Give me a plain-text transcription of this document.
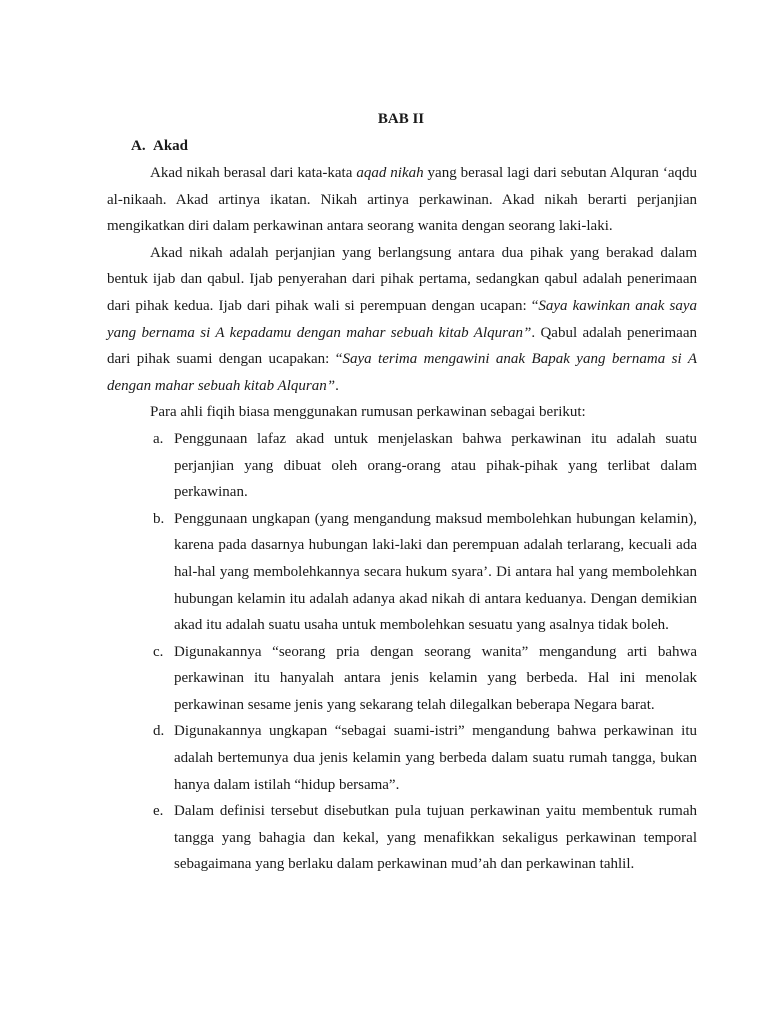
BAB II
A. Akad

Akad nikah berasal dari kata-kata aqad nikah yang berasal lagi dari sebutan Alquran ‘aqdu al-nikaah. Akad artinya ikatan. Nikah artinya perkawinan. Akad nikah berarti perjanjian mengikatkan diri dalam perkawinan antara seorang wanita dengan seorang laki-laki.

Akad nikah adalah perjanjian yang berlangsung antara dua pihak yang berakad dalam bentuk ijab dan qabul. Ijab penyerahan dari pihak pertama, sedangkan qabul adalah penerimaan dari pihak kedua. Ijab dari pihak wali si perempuan dengan ucapan: “Saya kawinkan anak saya yang bernama si A kepadamu dengan mahar sebuah kitab Alquran”. Qabul adalah penerimaan dari pihak suami dengan ucapakan: “Saya terima mengawini anak Bapak yang bernama si A dengan mahar sebuah kitab Alquran”.

Para ahli fiqih biasa menggunakan rumusan perkawinan sebagai berikut:

a. Penggunaan lafaz akad untuk menjelaskan bahwa perkawinan itu adalah suatu perjanjian yang dibuat oleh orang-orang atau pihak-pihak yang terlibat dalam perkawinan.
b. Penggunaan ungkapan (yang mengandung maksud membolehkan hubungan kelamin), karena pada dasarnya hubungan laki-laki dan perempuan adalah terlarang, kecuali ada hal-hal yang membolehkannya secara hukum syara’. Di antara hal yang membolehkan hubungan kelamin itu adalah adanya akad nikah di antara keduanya. Dengan demikian akad itu adalah suatu usaha untuk membolehkan sesuatu yang asalnya tidak boleh.
c. Digunakannya “seorang pria dengan seorang wanita” mengandung arti bahwa perkawinan itu hanyalah antara jenis kelamin yang berbeda. Hal ini menolak perkawinan sesame jenis yang sekarang telah dilegalkan beberapa Negara barat.
d. Digunakannya ungkapan “sebagai suami-istri” mengandung bahwa perkawinan itu adalah bertemunya dua jenis kelamin yang berbeda dalam suatu rumah tangga, bukan hanya dalam istilah “hidup bersama”.
e. Dalam definisi tersebut disebutkan pula tujuan perkawinan yaitu membentuk rumah tangga yang bahagia dan kekal, yang menafikkan sekaligus perkawinan temporal sebagaimana yang berlaku dalam perkawinan mud’ah dan perkawinan tahlil.
